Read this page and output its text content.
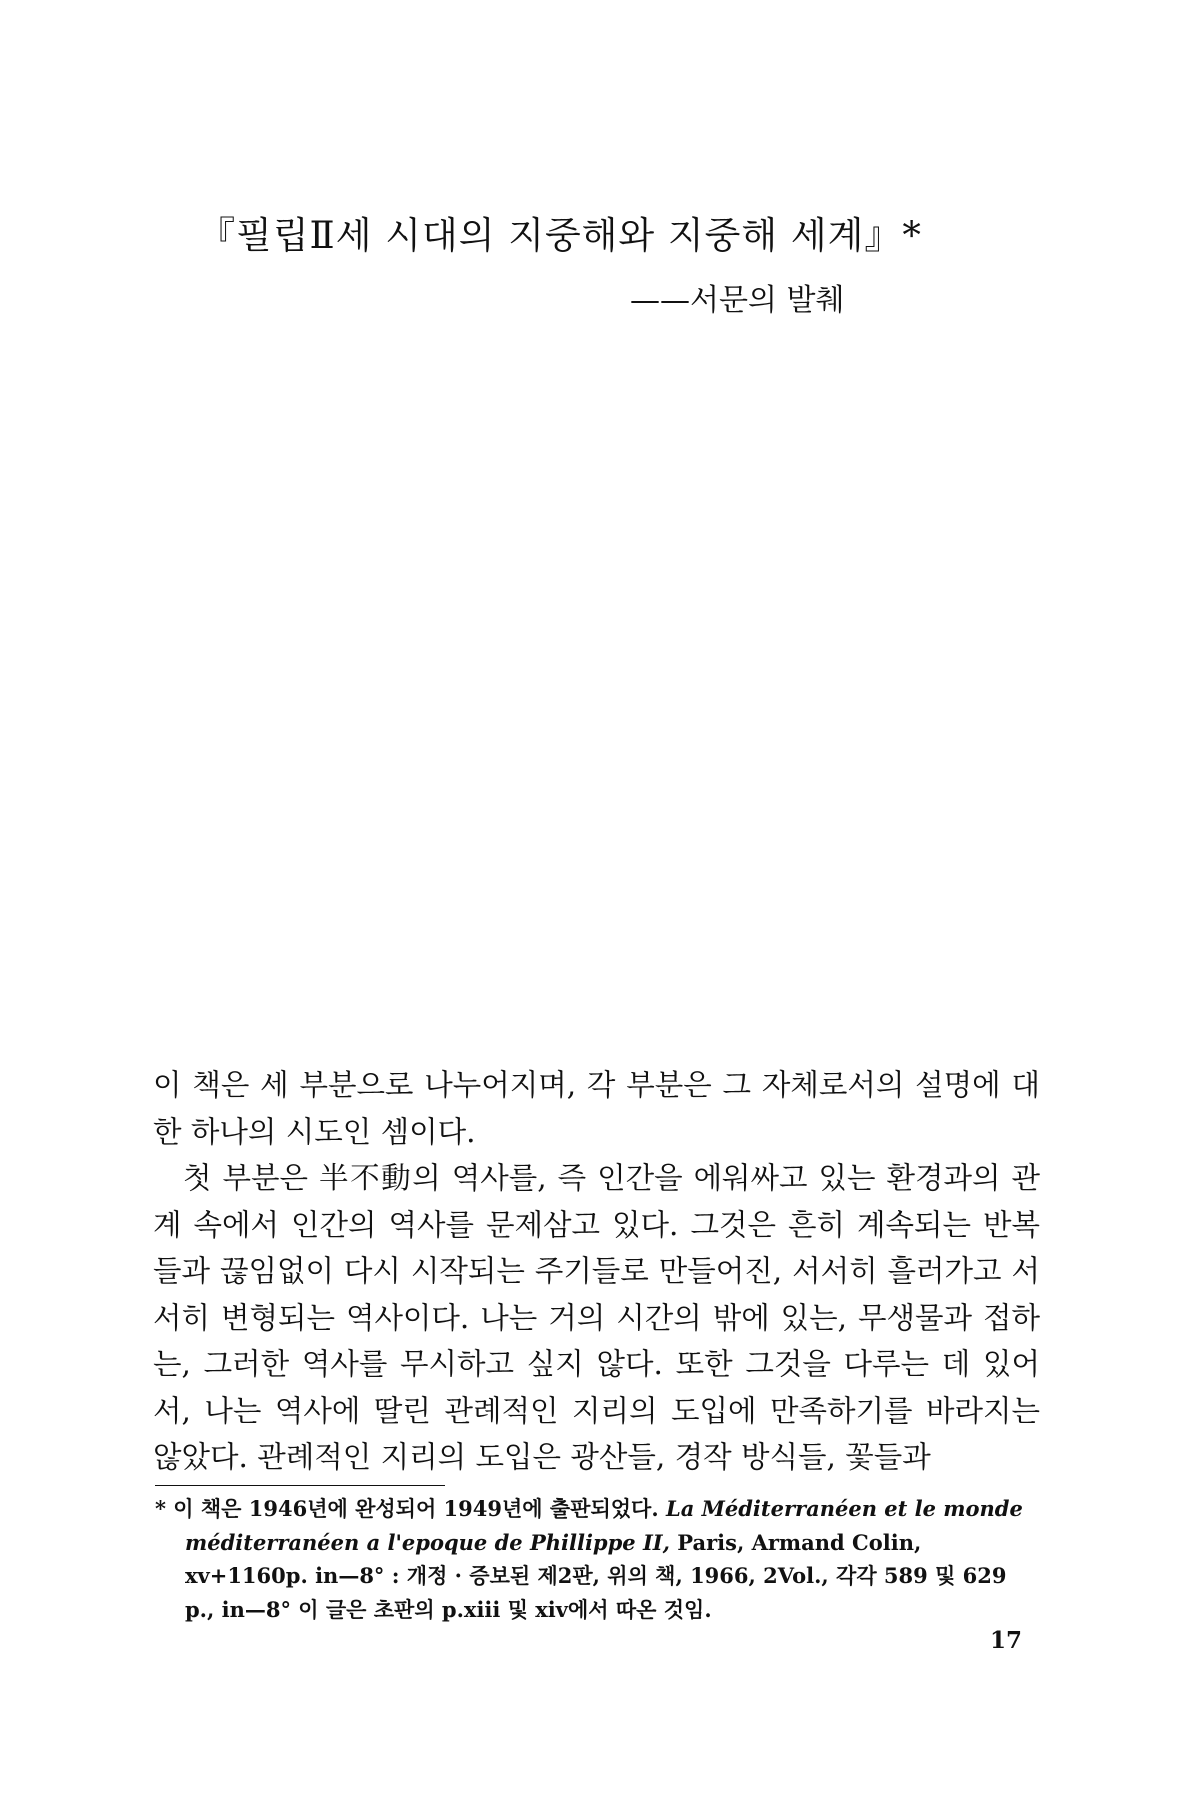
『필립Ⅱ세 시대의 지중해와 지중해 세계』*
——서문의 발췌

이 책은 세 부분으로 나누어지며, 각 부분은 그 자체로서의 설명에 대한 하나의 시도인 셈이다.

첫 부분은 半不動의 역사를, 즉 인간을 에워싸고 있는 환경과의 관계 속에서 인간의 역사를 문제삼고 있다. 그것은 흔히 계속되는 반복들과 끊임없이 다시 시작되는 주기들로 만들어진, 서서히 흘러가고 서서히 변형되는 역사이다. 나는 거의 시간의 밖에 있는, 무생물과 접하는, 그러한 역사를 무시하고 싶지 않다. 또한 그것을 다루는 데 있어서, 나는 역사에 딸린 관례적인 지리의 도입에 만족하기를 바라지는 않았다. 관례적인 지리의 도입은 광산들, 경작 방식들, 꽃들과

* 이 책은 1946년에 완성되어 1949년에 출판되었다. La Méditerranéen et le monde méditerranéen a l'epoque de Phillippe II, Paris, Armand Colin, xv+1160p. in—8° : 개정 · 증보된 제2판, 위의 책, 1966, 2Vol., 각각 589 및 629 p., in—8° 이 글은 초판의 p.xiii 및 xiv에서 따온 것임.

17
